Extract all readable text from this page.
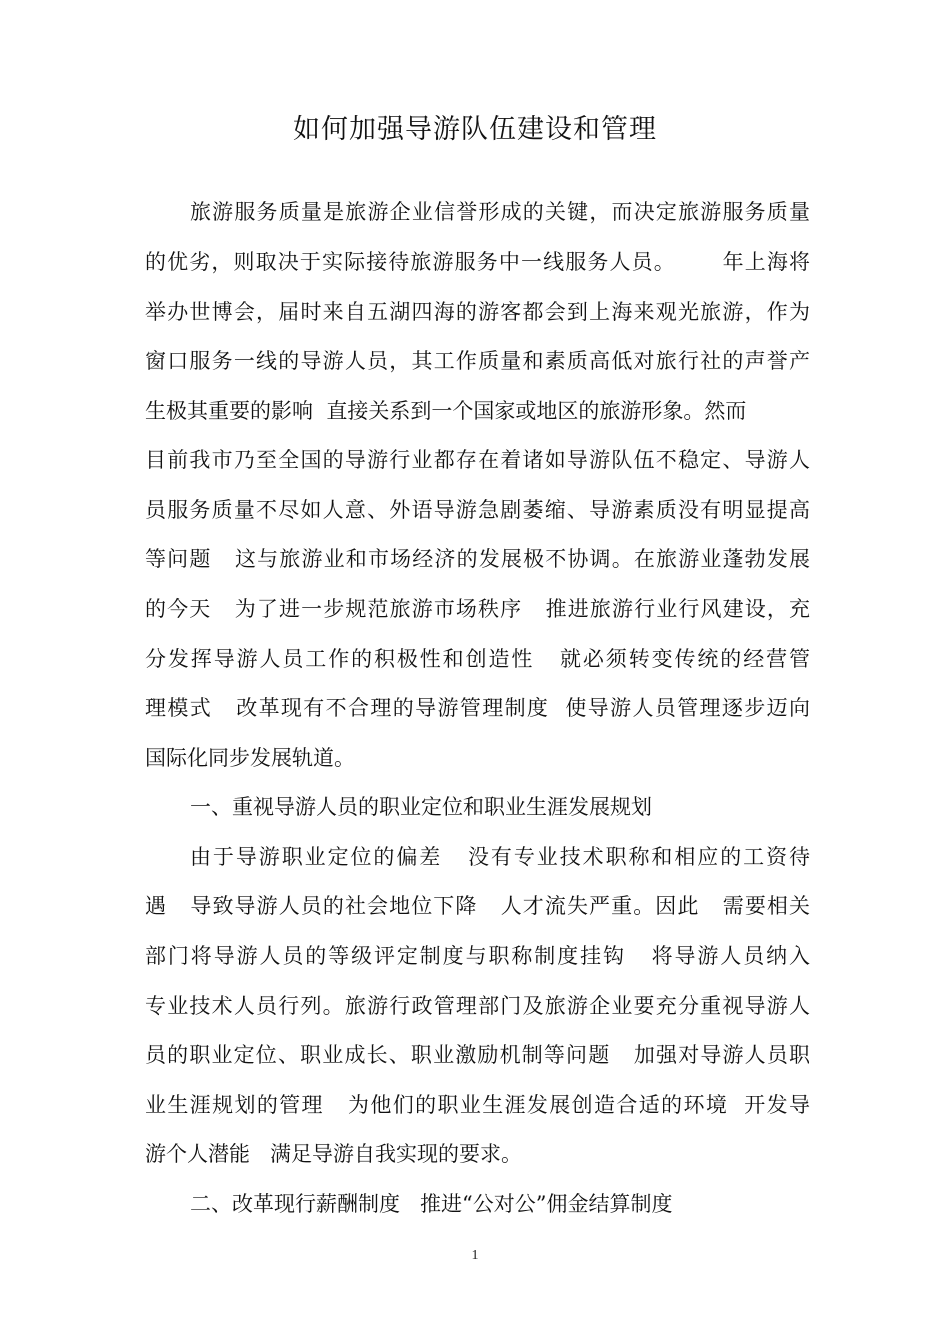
如何加强导游队伍建设和管理
旅游服务质量是旅游企业信誉形成的关键，而决定旅游服务质量
的优劣，则取决于实际接待旅游服务中一线服务人员。      年上海将
举办世博会，届时来自五湖四海的游客都会到上海来观光旅游，作为
窗口服务一线的导游人员，其工作质量和素质高低对旅行社的声誉产
生极其重要的影响  直接关系到一个国家或地区的旅游形象。然而
目前我市乃至全国的导游行业都存在着诸如导游队伍不稳定、导游人
员服务质量不尽如人意、外语导游急剧萎缩、导游素质没有明显提高
等问题   这与旅游业和市场经济的发展极不协调。在旅游业蓬勃发展
的今天   为了进一步规范旅游市场秩序   推进旅游行业行风建设，充
分发挥导游人员工作的积极性和创造性   就必须转变传统的经营管
理模式   改革现有不合理的导游管理制度  使导游人员管理逐步迈向
国际化同步发展轨道。
一、重视导游人员的职业定位和职业生涯发展规划
由于导游职业定位的偏差   没有专业技术职称和相应的工资待
遇   导致导游人员的社会地位下降   人才流失严重。因此   需要相关
部门将导游人员的等级评定制度与职称制度挂钩   将导游人员纳入
专业技术人员行列。旅游行政管理部门及旅游企业要充分重视导游人
员的职业定位、职业成长、职业激励机制等问题   加强对导游人员职
业生涯规划的管理   为他们的职业生涯发展创造合适的环境  开发导
游个人潜能   满足导游自我实现的要求。
二、改革现行薪酬制度   推进“公对公”佣金结算制度
1
